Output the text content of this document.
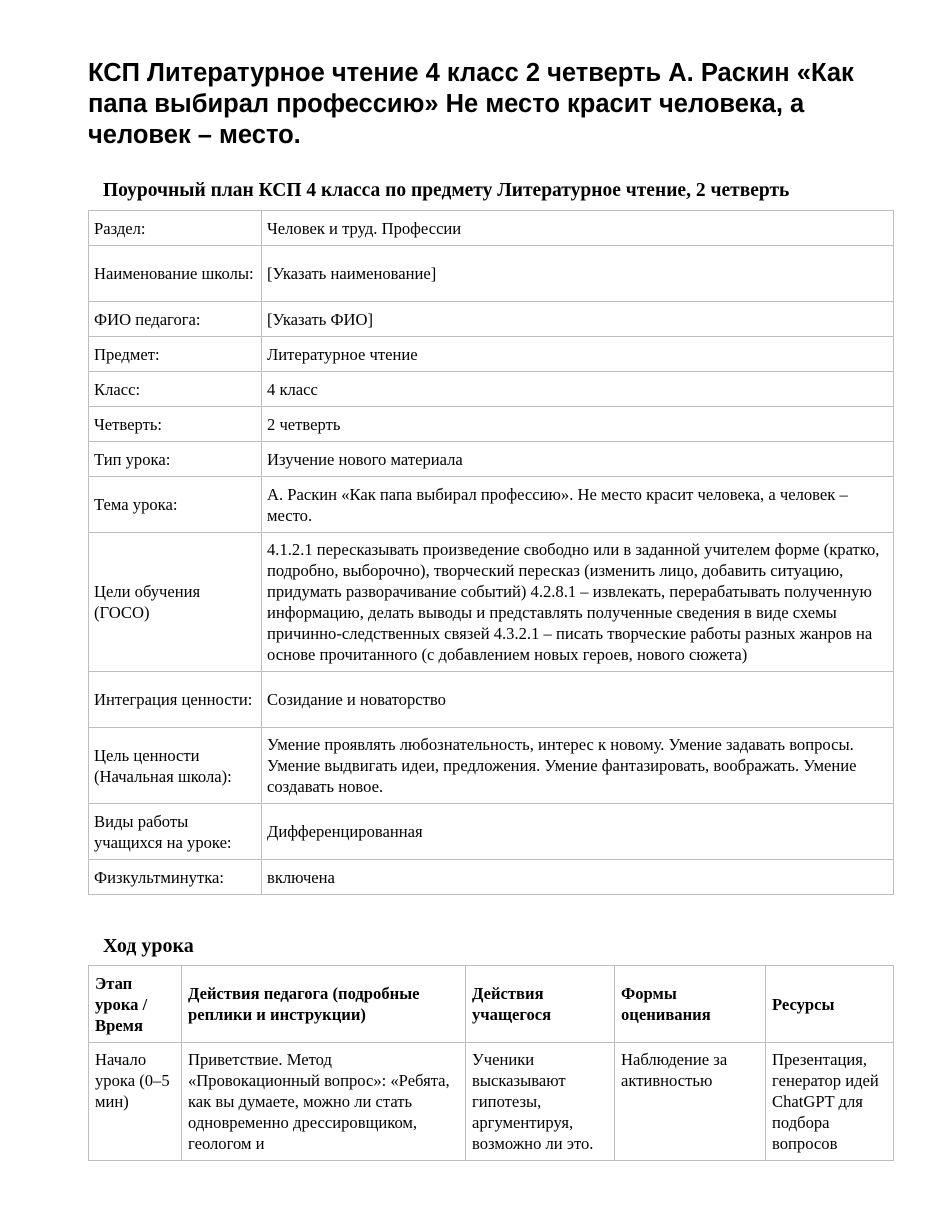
КСП Литературное чтение 4 класс 2 четверть А. Раскин «Как папа выбирал профессию» Не место красит человека, а человек – место.
Поурочный план КСП 4 класса по предмету Литературное чтение, 2 четверть
Раздел:	Человек и труд. Профессии
Наименование школы:	[Указать наименование]
ФИО педагога:	[Указать ФИО]
Предмет:	Литературное чтение
Класс:	4 класс
Четверть:	2 четверть
Тип урока:	Изучение нового материала
Тема урока:	А. Раскин «Как папа выбирал профессию». Не место красит человека, а человек – место.
Цели обучения (ГОСО)	4.1.2.1 пересказывать произведение свободно или в заданной учителем форме (кратко, подробно, выборочно), творческий пересказ (изменить лицо, добавить ситуацию, придумать разворачивание событий) 4.2.8.1 – извлекать, перерабатывать полученную информацию, делать выводы и представлять полученные сведения в виде схемы причинно-следственных связей 4.3.2.1 – писать творческие работы разных жанров на основе прочитанного (с добавлением новых героев, нового сюжета)
Интеграция ценности:	Созидание и новаторство
Цель ценности (Начальная школа):	Умение проявлять любознательность, интерес к новому. Умение задавать вопросы. Умение выдвигать идеи, предложения. Умение фантазировать, воображать. Умение создавать новое.
Виды работы учащихся на уроке:	Дифференцированная
Физкультминутка:	включена
Ход урока
Этап урока / Время	Действия педагога (подробные реплики и инструкции)	Действия учащегося	Формы оценивания	Ресурсы

Начало урока (0–5 мин)	Приветствие. Метод «Провокационный вопрос»: «Ребята, как вы думаете, можно ли стать одновременно дрессировщиком, геологом и	Ученики высказывают гипотезы, аргументируя, возможно ли это.	Наблюдение за активностью	Презентация, генератор идей ChatGPT для подбора вопросов
